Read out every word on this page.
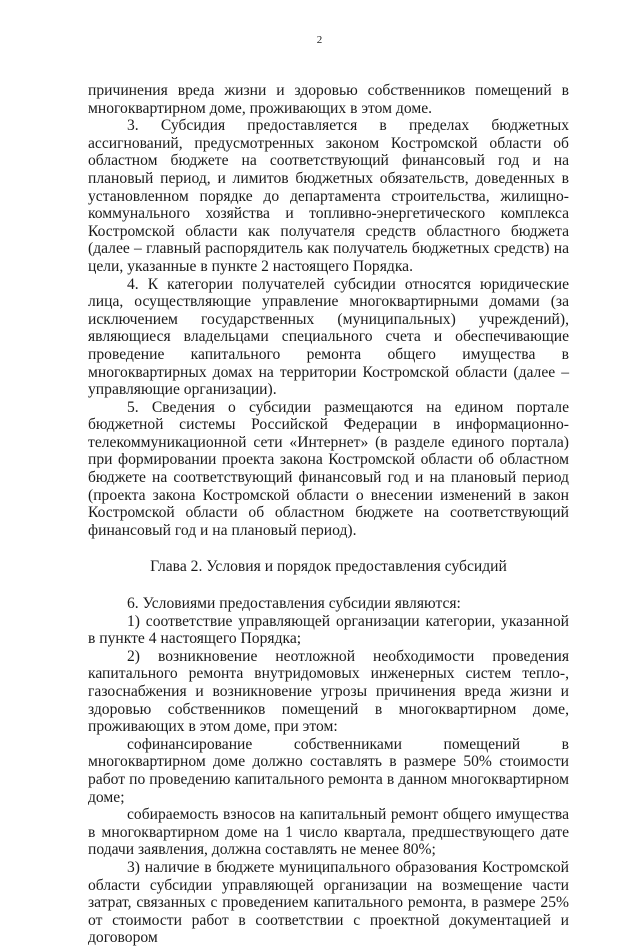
2

причинения вреда жизни и здоровью собственников помещений в многоквартирном доме, проживающих в этом доме.

3. Субсидия предоставляется в пределах бюджетных ассигнований, предусмотренных законом Костромской области об областном бюджете на соответствующий финансовый год и на плановый период, и лимитов бюджетных обязательств, доведенных в установленном порядке до департамента строительства, жилищно-коммунального хозяйства и топливно-энергетического комплекса Костромской области как получателя средств областного бюджета (далее – главный распорядитель как получатель бюджетных средств) на цели, указанные в пункте 2 настоящего Порядка.

4. К категории получателей субсидии относятся юридические лица, осуществляющие управление многоквартирными домами (за исключением государственных (муниципальных) учреждений), являющиеся владельцами специального счета и обеспечивающие проведение капитального ремонта общего имущества в многоквартирных домах на территории Костромской области (далее – управляющие организации).

5. Сведения о субсидии размещаются на едином портале бюджетной системы Российской Федерации в информационно-телекоммуникационной сети «Интернет» (в разделе единого портала) при формировании проекта закона Костромской области об областном бюджете на соответствующий финансовый год и на плановый период (проекта закона Костромской области о внесении изменений в закон Костромской области об областном бюджете на соответствующий финансовый год и на плановый период).

Глава 2. Условия и порядок предоставления субсидий

6. Условиями предоставления субсидии являются:

1) соответствие управляющей организации категории, указанной в пункте 4 настоящего Порядка;

2) возникновение неотложной необходимости проведения капитального ремонта внутридомовых инженерных систем тепло-, газоснабжения и возникновение угрозы причинения вреда жизни и здоровью собственников помещений в многоквартирном доме, проживающих в этом доме, при этом:

софинансирование собственниками помещений в многоквартирном доме должно составлять в размере 50% стоимости работ по проведению капитального ремонта в данном многоквартирном доме;

собираемость взносов на капитальный ремонт общего имущества в многоквартирном доме на 1 число квартала, предшествующего дате подачи заявления, должна составлять не менее 80%;

3) наличие в бюджете муниципального образования Костромской области субсидии управляющей организации на возмещение части затрат, связанных с проведением капитального ремонта, в размере 25% от стоимости работ в соответствии с проектной документацией и договором
